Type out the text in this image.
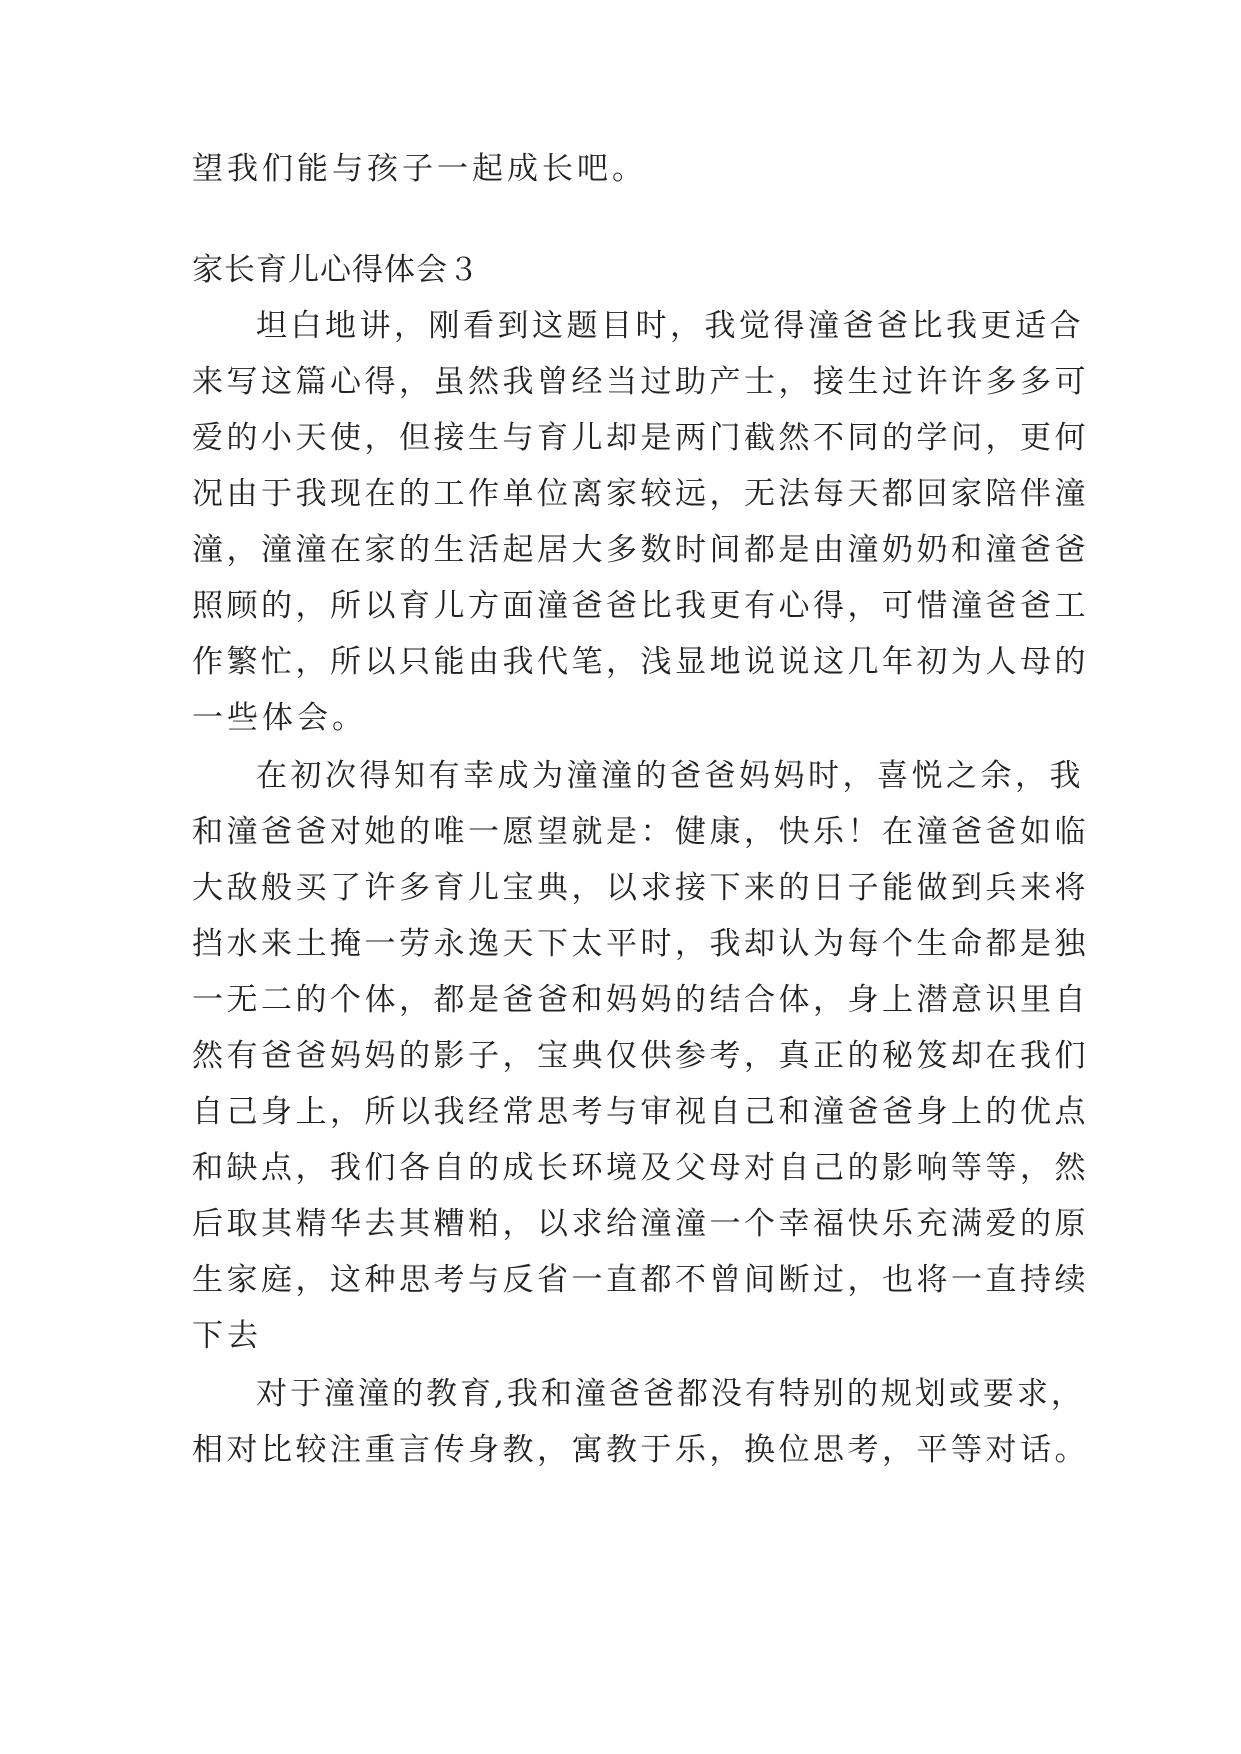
望我们能与孩子一起成长吧。
家长育儿心得体会３
坦白地讲，刚看到这题目时，我觉得潼爸爸比我更适合
来写这篇心得，虽然我曾经当过助产士，接生过许许多多可
爱的小天使，但接生与育儿却是两门截然不同的学问，更何
况由于我现在的工作单位离家较远，无法每天都回家陪伴潼
潼，潼潼在家的生活起居大多数时间都是由潼奶奶和潼爸爸
照顾的，所以育儿方面潼爸爸比我更有心得，可惜潼爸爸工
作繁忙，所以只能由我代笔，浅显地说说这几年初为人母的
一些体会。
在初次得知有幸成为潼潼的爸爸妈妈时，喜悦之余，我
和潼爸爸对她的唯一愿望就是：健康，快乐！在潼爸爸如临
大敌般买了许多育儿宝典，以求接下来的日子能做到兵来将
挡水来土掩一劳永逸天下太平时，我却认为每个生命都是独
一无二的个体，都是爸爸和妈妈的结合体，身上潜意识里自
然有爸爸妈妈的影子，宝典仅供参考，真正的秘笈却在我们
自己身上，所以我经常思考与审视自己和潼爸爸身上的优点
和缺点，我们各自的成长环境及父母对自己的影响等等，然
后取其精华去其糟粕，以求给潼潼一个幸福快乐充满爱的原
生家庭，这种思考与反省一直都不曾间断过，也将一直持续
下去
对于潼潼的教育,我和潼爸爸都没有特别的规划或要求，
相对比较注重言传身教，寓教于乐，换位思考，平等对话。
